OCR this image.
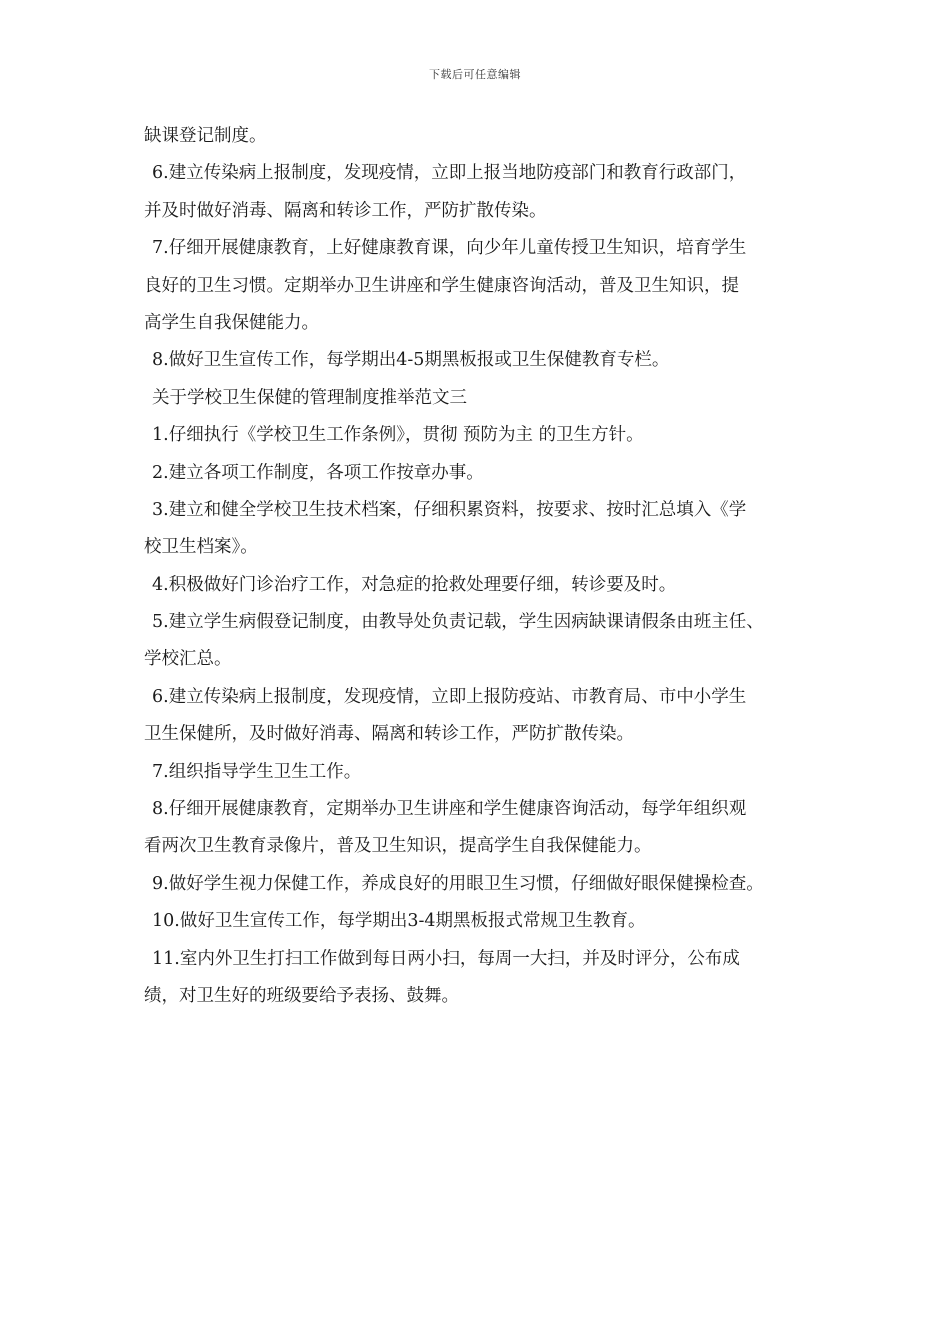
下载后可任意编辑
缺课登记制度。
6.建立传染病上报制度，发现疫情，立即上报当地防疫部门和教育行政部门，
并及时做好消毒、隔离和转诊工作，严防扩散传染。
7.仔细开展健康教育，上好健康教育课，向少年儿童传授卫生知识，培育学生
良好的卫生习惯。定期举办卫生讲座和学生健康咨询活动，普及卫生知识，提
高学生自我保健能力。
8.做好卫生宣传工作，每学期出4-5期黑板报或卫生保健教育专栏。
关于学校卫生保健的管理制度推举范文三
1.仔细执行《学校卫生工作条例》，贯彻 预防为主 的卫生方针。
2.建立各项工作制度，各项工作按章办事。
3.建立和健全学校卫生技术档案，仔细积累资料，按要求、按时汇总填入《学
校卫生档案》。
4.积极做好门诊治疗工作，对急症的抢救处理要仔细，转诊要及时。
5.建立学生病假登记制度，由教导处负责记载，学生因病缺课请假条由班主任、
学校汇总。
6.建立传染病上报制度，发现疫情，立即上报防疫站、市教育局、市中小学生
卫生保健所，及时做好消毒、隔离和转诊工作，严防扩散传染。
7.组织指导学生卫生工作。
8.仔细开展健康教育，定期举办卫生讲座和学生健康咨询活动，每学年组织观
看两次卫生教育录像片，普及卫生知识，提高学生自我保健能力。
9.做好学生视力保健工作，养成良好的用眼卫生习惯，仔细做好眼保健操检查。
10.做好卫生宣传工作，每学期出3-4期黑板报式常规卫生教育。
11.室内外卫生打扫工作做到每日两小扫，每周一大扫，并及时评分，公布成
绩，对卫生好的班级要给予表扬、鼓舞。
